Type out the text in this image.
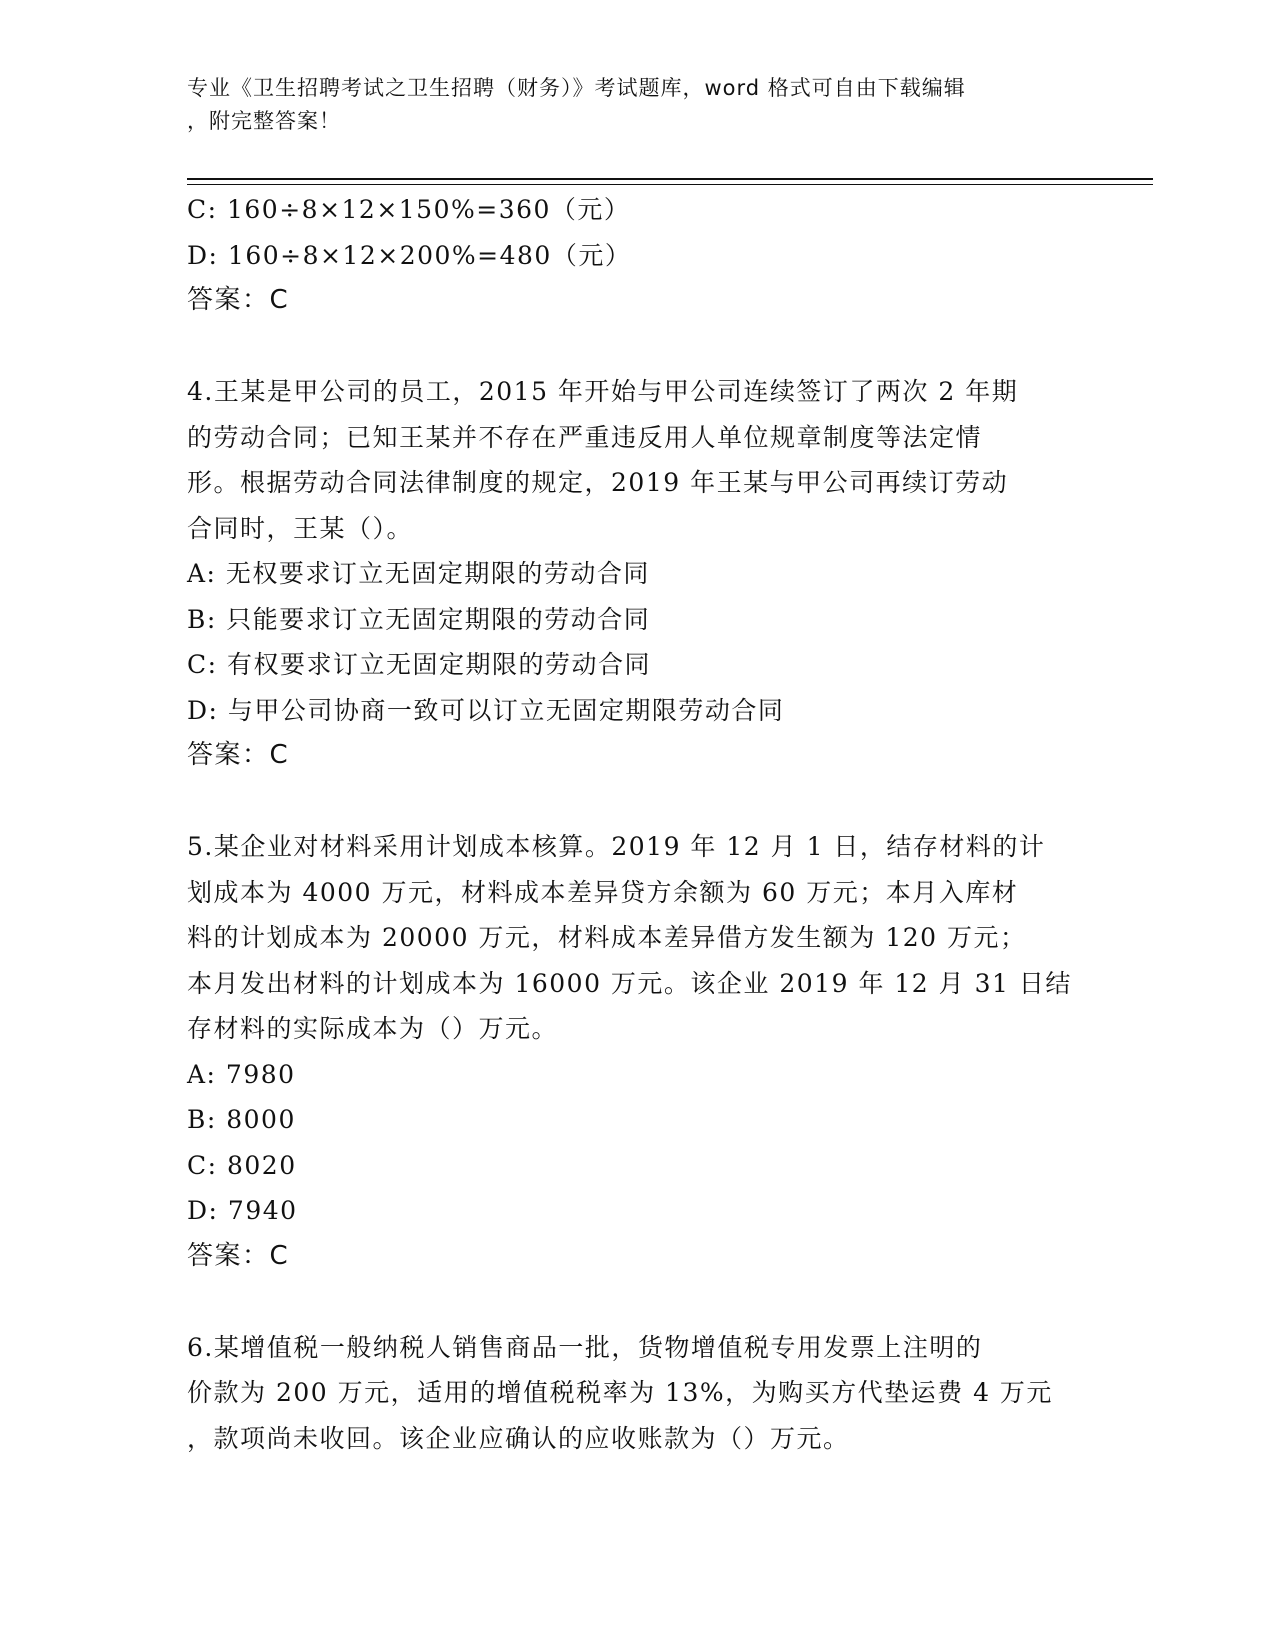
专业《卫生招聘考试之卫生招聘（财务）》考试题库，word 格式可自由下载编辑
，附完整答案！
C: 160÷8×12×150%=360（元）
D: 160÷8×12×200%=480（元）
答案：C
4.王某是甲公司的员工，2015 年开始与甲公司连续签订了两次 2 年期
的劳动合同；已知王某并不存在严重违反用人单位规章制度等法定情
形。根据劳动合同法律制度的规定，2019 年王某与甲公司再续订劳动
合同时，王某（）。
A: 无权要求订立无固定期限的劳动合同
B: 只能要求订立无固定期限的劳动合同
C: 有权要求订立无固定期限的劳动合同
D: 与甲公司协商一致可以订立无固定期限劳动合同
答案：C
5.某企业对材料采用计划成本核算。2019 年 12 月 1 日，结存材料的计
划成本为 4000 万元，材料成本差异贷方余额为 60 万元；本月入库材
料的计划成本为 20000 万元，材料成本差异借方发生额为 120 万元；
本月发出材料的计划成本为 16000 万元。该企业 2019 年 12 月 31 日结
存材料的实际成本为（）万元。
A: 7980
B: 8000
C: 8020
D: 7940
答案：C
6.某增值税一般纳税人销售商品一批，货物增值税专用发票上注明的
价款为 200 万元，适用的增值税税率为 13%，为购买方代垫运费 4 万元
，款项尚未收回。该企业应确认的应收账款为（）万元。
